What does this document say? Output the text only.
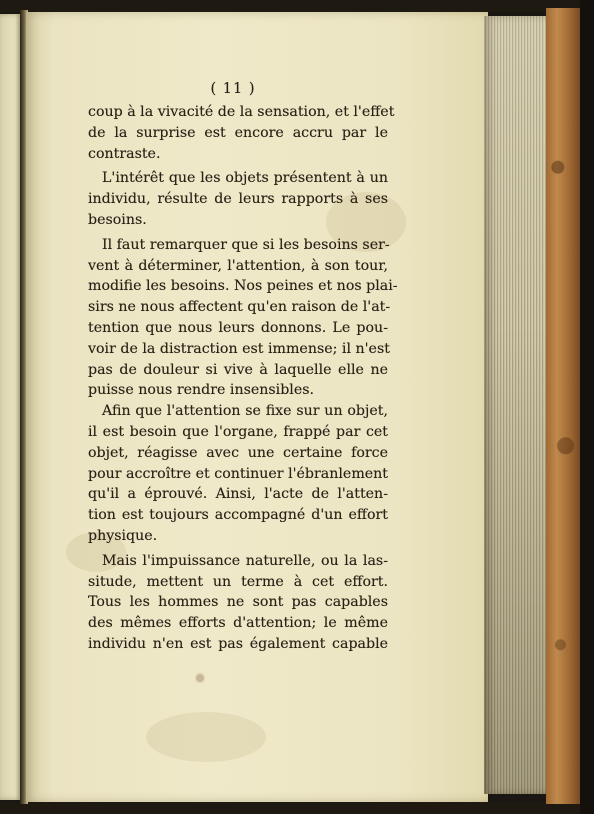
( 11 )
coup à la vivacité de la sensation, et l'effet
de la surprise est encore accru par le
contraste.
L'intérêt que les objets présentent à un
individu, résulte de leurs rapports à ses
besoins.
Il faut remarquer que si les besoins ser-
vent à déterminer, l'attention, à son tour,
modifie les besoins. Nos peines et nos plai-
sirs ne nous affectent qu'en raison de l'at-
tention que nous leurs donnons. Le pou-
voir de la distraction est immense; il n'est
pas de douleur si vive à laquelle elle ne
puisse nous rendre insensibles.
Afin que l'attention se fixe sur un objet,
il est besoin que l'organe, frappé par cet
objet, réagisse avec une certaine force
pour accroître et continuer l'ébranlement
qu'il a éprouvé. Ainsi, l'acte de l'atten-
tion est toujours accompagné d'un effort
physique.
Mais l'impuissance naturelle, ou la las-
situde, mettent un terme à cet effort.
Tous les hommes ne sont pas capables
des mêmes efforts d'attention; le même
individu n'en est pas également capable
